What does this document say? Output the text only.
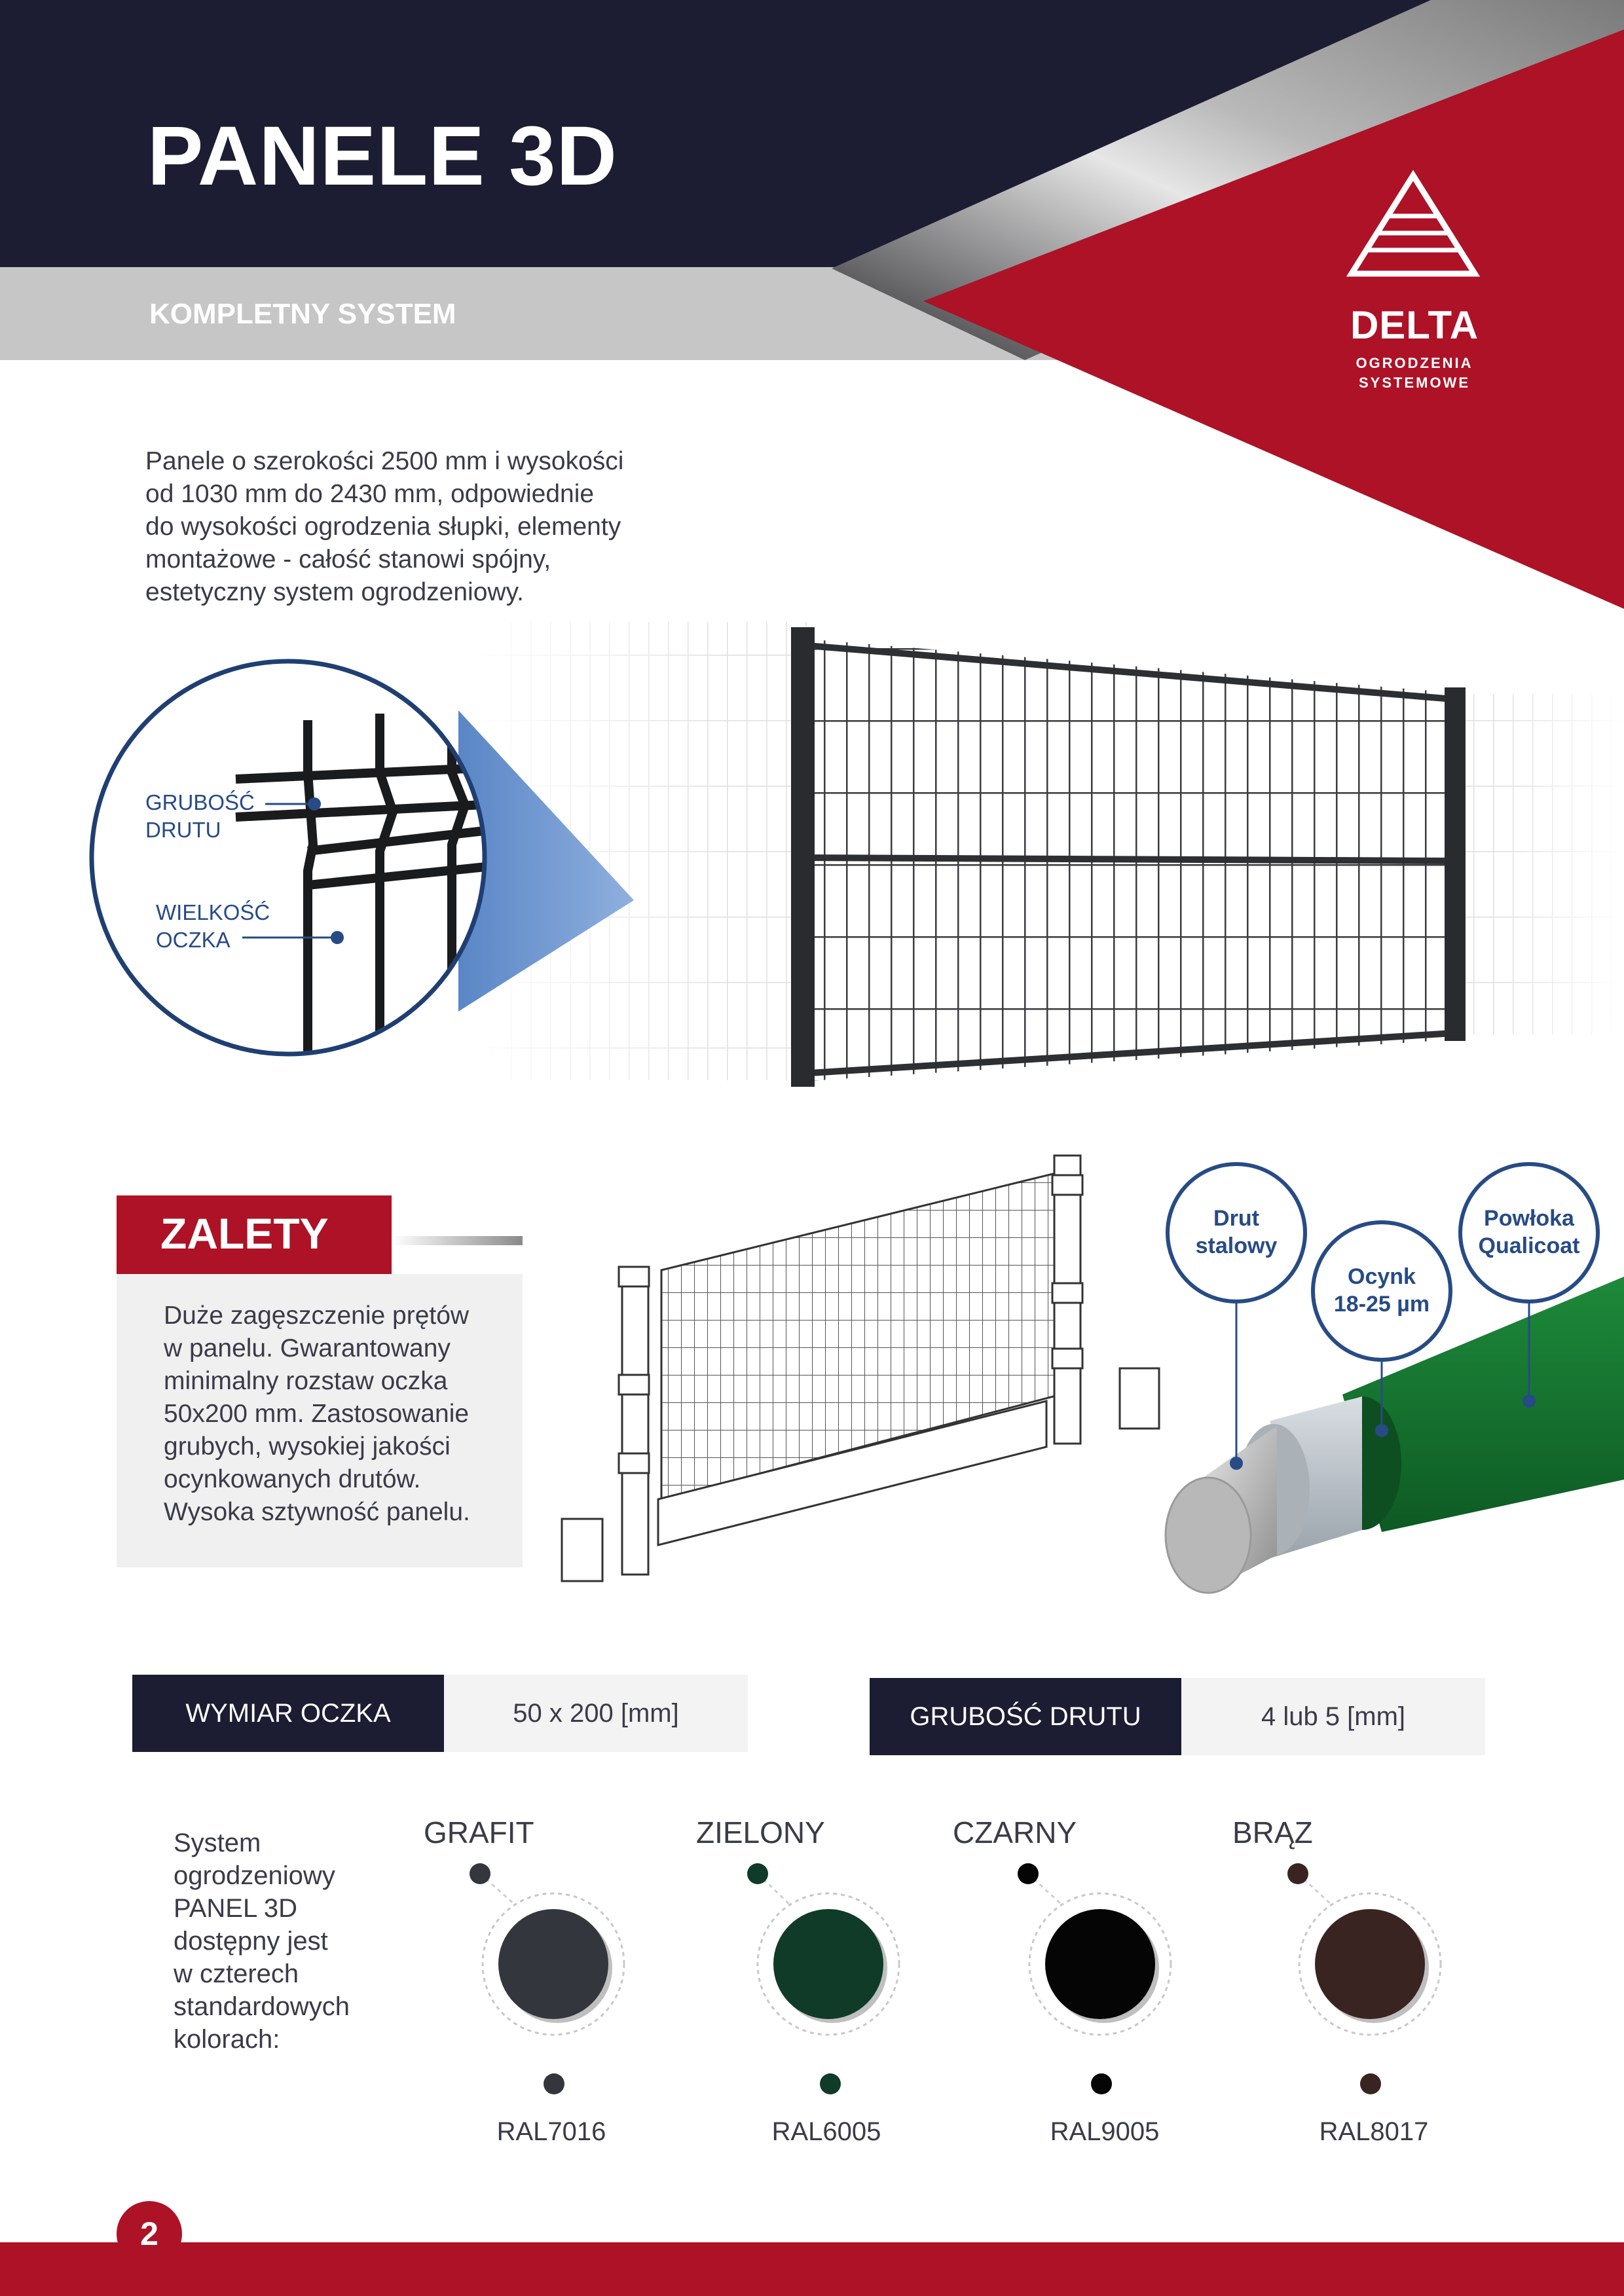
PANELE 3D
KOMPLETNY SYSTEM	DELTA
OGRODZENIA
SYSTEMOWE
Panele o szerokości 2500 mm i wysokości
od 1030 mm do 2430 mm, odpowiednie
do wysokości ogrodzenia słupki, elementy
montażowe - całość stanowi spójny,
estetyczny system ogrodzeniowy.
GRUBOŚĆ
DRUTU
WIELKOŚĆ
OCZKA
ZALETY
Duże zagęszczenie prętów
w panelu. Gwarantowany
minimalny rozstaw oczka
50x200 mm. Zastosowanie
grubych, wysokiej jakości
ocynkowanych drutów.
Wysoka sztywność panelu.
Drut
stalowy
Ocynk
18-25 µm
Powłoka
Qualicoat
WYMIAR OCZKA	50 x 200 [mm]	GRUBOŚĆ DRUTU	4 lub 5 [mm]
System
ogrodzeniowy
PANEL 3D
dostępny jest
w czterech
standardowych
kolorach:
GRAFIT	ZIELONY	CZARNY	BRĄZ
RAL7016	RAL6005	RAL9005	RAL8017
2
